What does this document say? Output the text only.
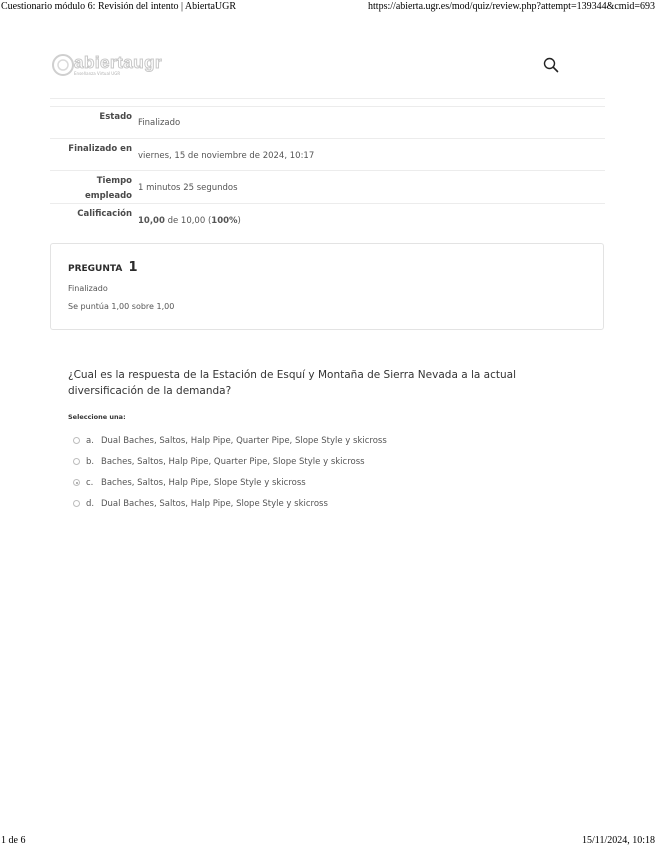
Cuestionario módulo 6: Revisión del intento | AbiertaUGR	https://abierta.ugr.es/mod/quiz/review.php?attempt=139344&cmid=693
abiertaugr
Enseñanza Virtual UGR
Estado
Finalizado
Finalizado en
viernes, 15 de noviembre de 2024, 10:17
Tiempo
empleado
1 minutos 25 segundos
Calificación
10,00 de 10,00 (100%)
PREGUNTA 1
Finalizado
Se puntúa 1,00 sobre 1,00
¿Cual es la respuesta de la Estación de Esquí y Montaña de Sierra Nevada a la actual diversificación de la demanda?
Seleccione una:
a. Dual Baches, Saltos, Halp Pipe, Quarter Pipe, Slope Style y skicross
b. Baches, Saltos, Halp Pipe, Quarter Pipe, Slope Style y skicross
c. Baches, Saltos, Halp Pipe, Slope Style y skicross
d. Dual Baches, Saltos, Halp Pipe, Slope Style y skicross
1 de 6	15/11/2024, 10:18
